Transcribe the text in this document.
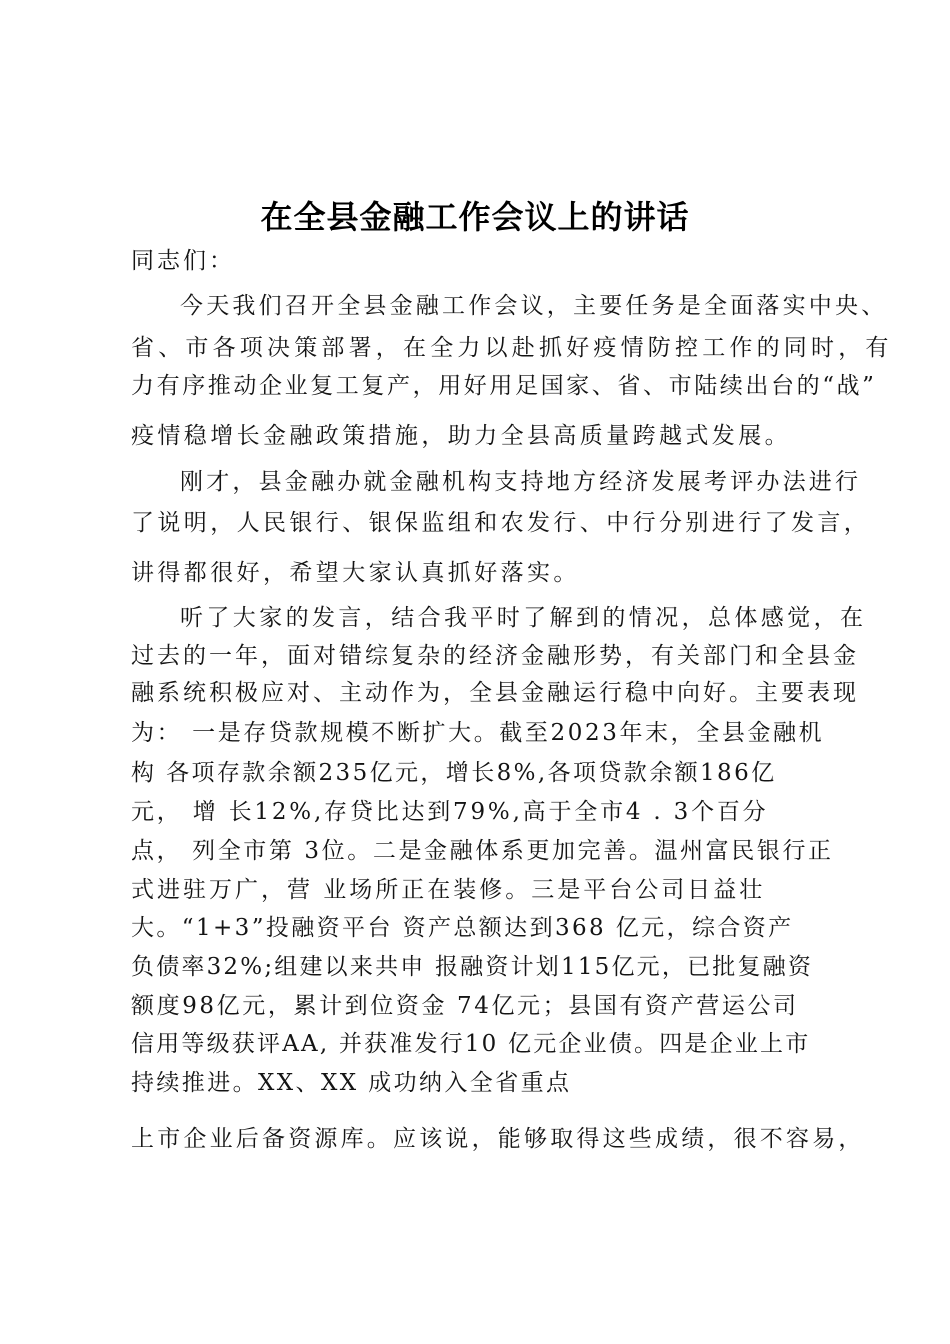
在全县金融工作会议上的讲话
同志们：
今天我们召开全县金融工作会议，主要任务是全面落实中央、
省、市各项决策部署，在全力以赴抓好疫情防控工作的同时，有
力有序推动企业复工复产，用好用足国家、省、市陆续出台的“战”
疫情稳增长金融政策措施，助力全县高质量跨越式发展。
刚才，县金融办就金融机构支持地方经济发展考评办法进行
了说明，人民银行、银保监组和农发行、中行分别进行了发言，
讲得都很好，希望大家认真抓好落实。
听了大家的发言，结合我平时了解到的情况，总体感觉，在
过去的一年，面对错综复杂的经济金融形势，有关部门和全县金
融系统积极应对、主动作为，全县金融运行稳中向好。主要表现
为： 一是存贷款规模不断扩大。截至2023年末，全县金融机
构 各项存款余额235亿元，增长8%,各项贷款余额186亿
元， 增 长12%,存贷比达到79%,高于全市4 . 3个百分
点， 列全市第 3位。二是金融体系更加完善。温州富民银行正
式进驻万广，营 业场所正在装修。三是平台公司日益壮
大。“1+3”投融资平台 资产总额达到368 亿元，综合资产
负债率32%;组建以来共申 报融资计划115亿元，已批复融资
额度98亿元，累计到位资金 74亿元；县国有资产营运公司
信用等级获评AA, 并获准发行10 亿元企业债。四是企业上市
持续推进。XX、XX 成功纳入全省重点
上市企业后备资源库。应该说，能够取得这些成绩，很不容易，
